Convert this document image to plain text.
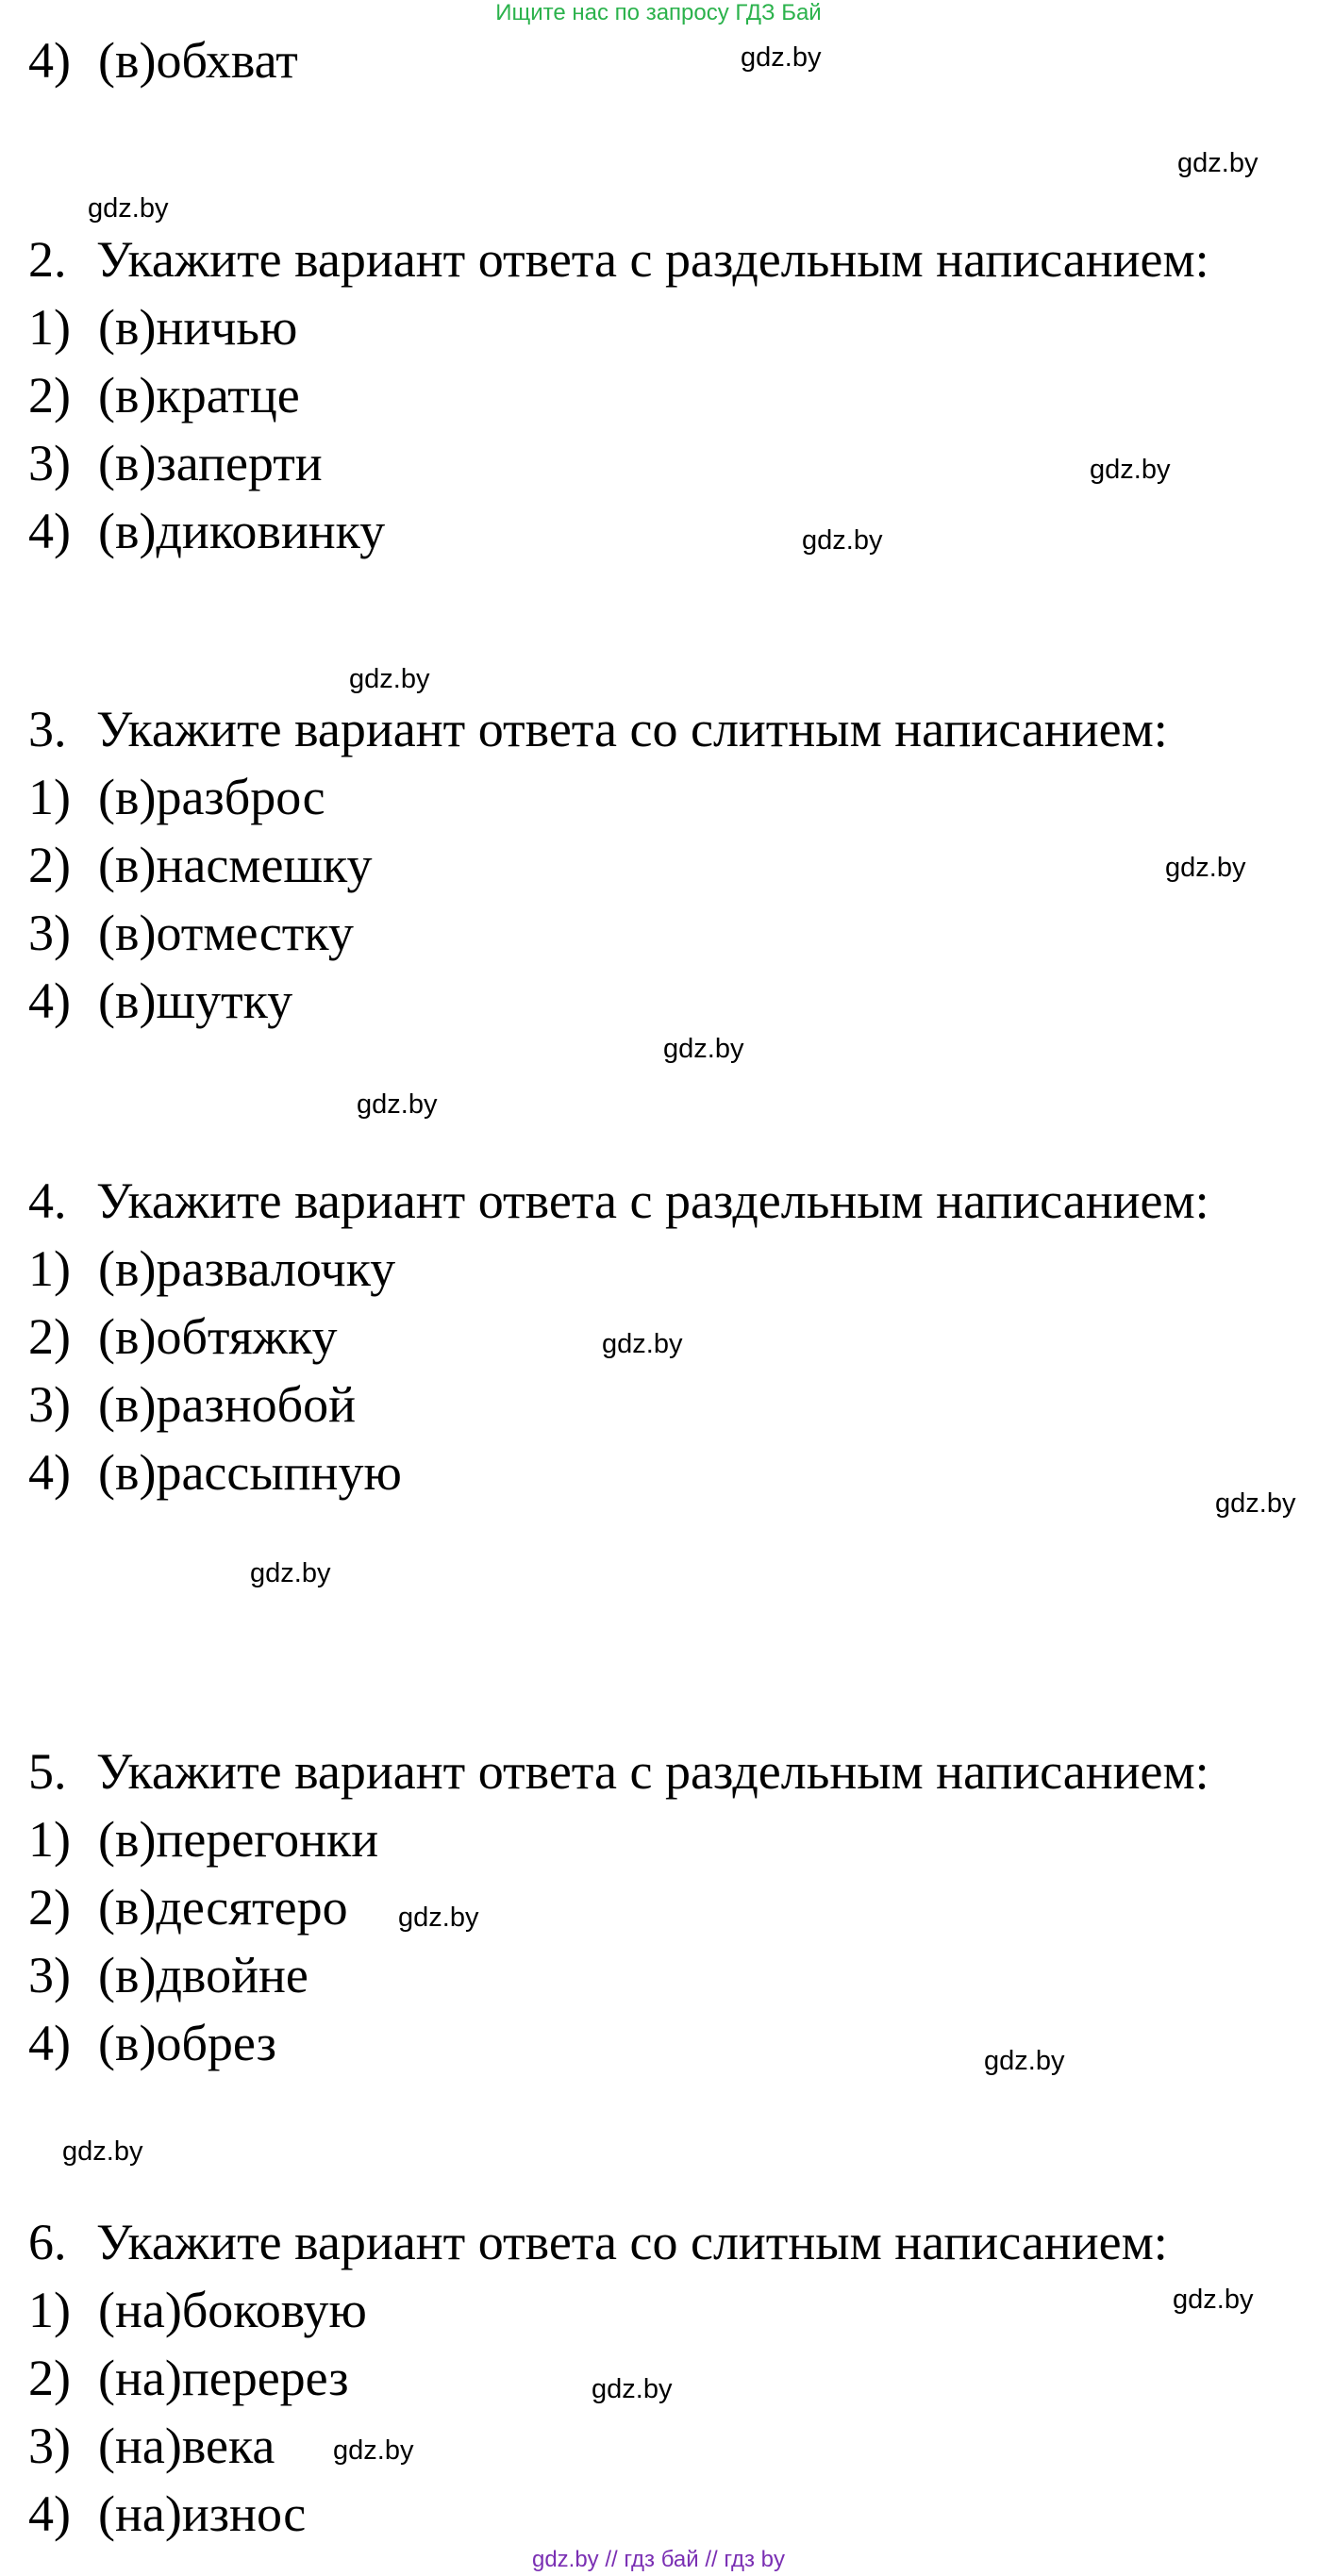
Ищите нас по запросу ГДЗ Бай
4) (в)обхват
2. Укажите вариант ответа с раздельным написанием:
1) (в)ничью
2) (в)кратце
3) (в)заперти
4) (в)диковинку
3. Укажите вариант ответа со слитным написанием:
1) (в)разброс
2) (в)насмешку
3) (в)отместку
4) (в)шутку
4. Укажите вариант ответа с раздельным написанием:
1) (в)развалочку
2) (в)обтяжку
3) (в)разнобой
4) (в)рассыпную
5. Укажите вариант ответа с раздельным написанием:
1) (в)перегонки
2) (в)десятеро
3) (в)двойне
4) (в)обрез
6. Укажите вариант ответа со слитным написанием:
1) (на)боковую
2) (на)перерез
3) (на)века
4) (на)износ
gdz.by
gdz.by
gdz.by
gdz.by
gdz.by
gdz.by
gdz.by
gdz.by
gdz.by
gdz.by
gdz.by
gdz.by
gdz.by
gdz.by
gdz.by
gdz.by
gdz.by
gdz.by
gdz.by // гдз бай // гдз by
